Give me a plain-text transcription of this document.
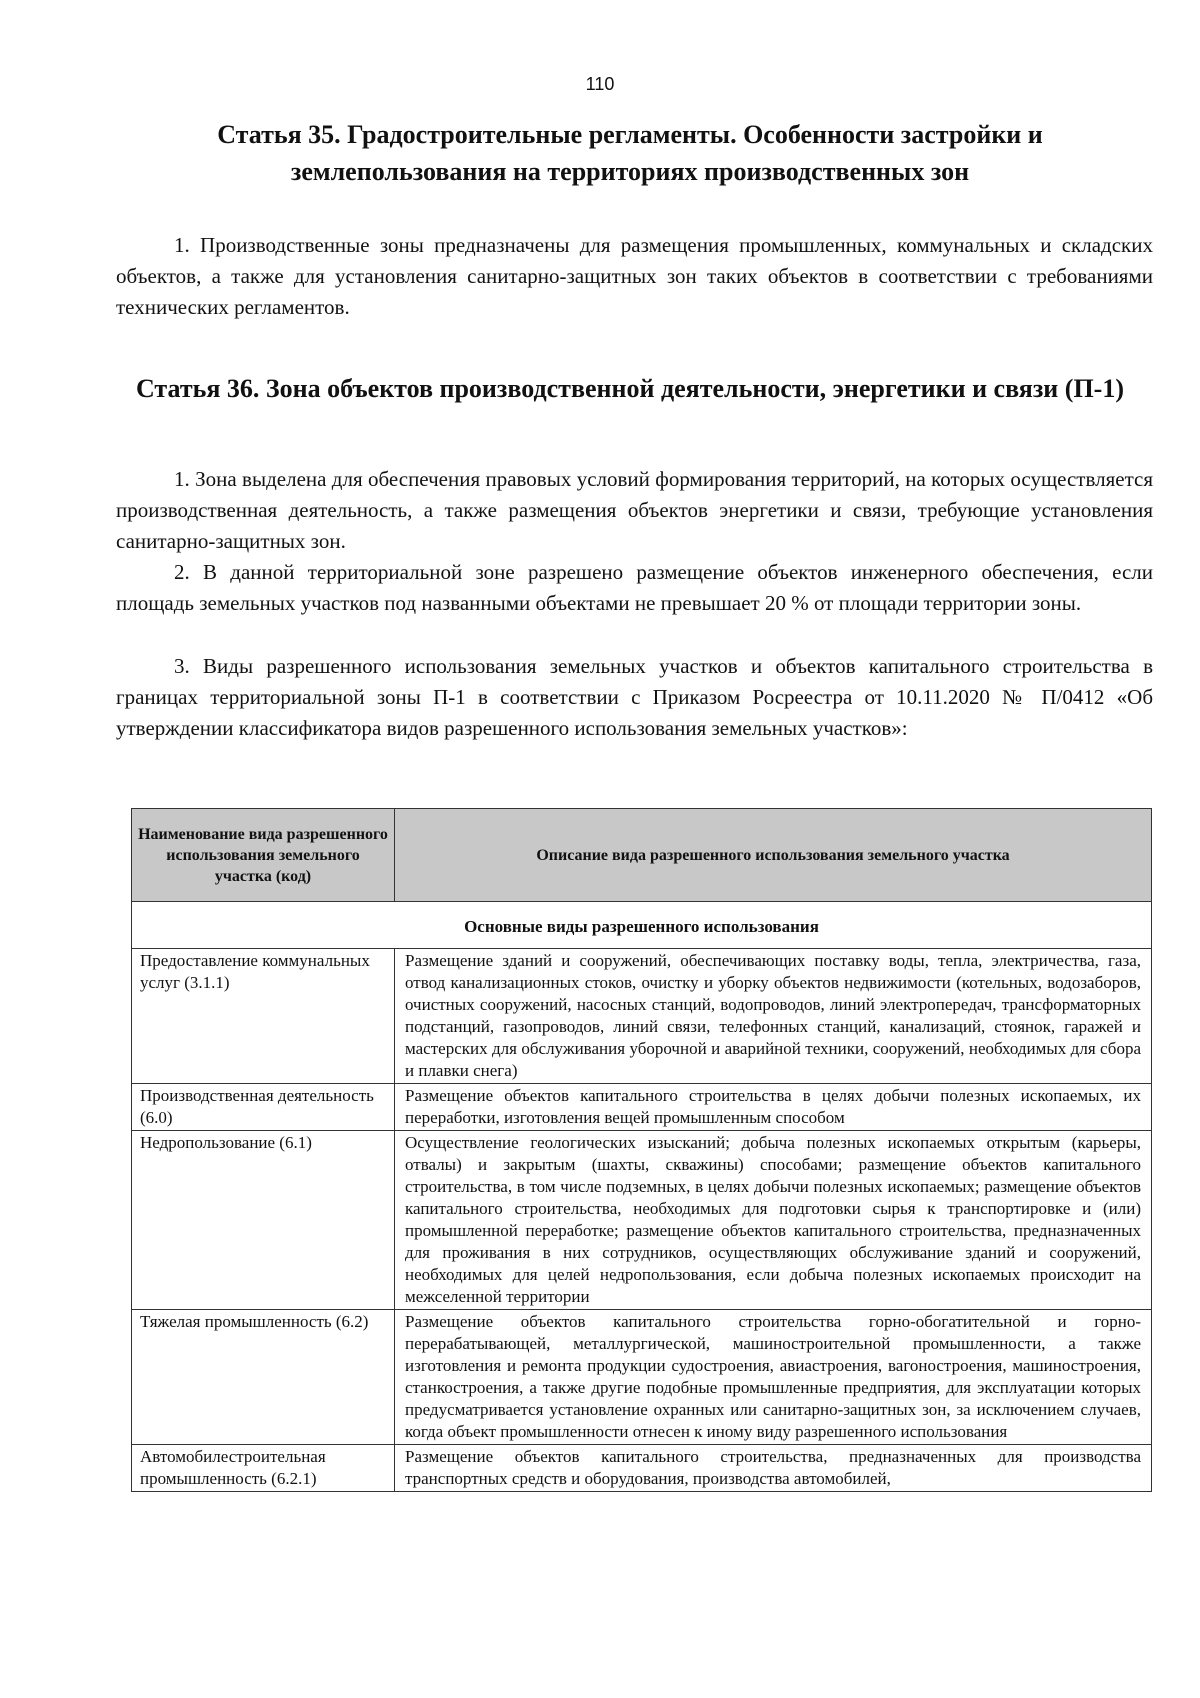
110
Статья 35. Градостроительные регламенты. Особенности застройки и землепользования на территориях производственных зон

1. Производственные зоны предназначены для размещения промышленных, коммунальных и складских объектов, а также для установления санитарно-защитных зон таких объектов в соответствии с требованиями технических регламентов.

Статья 36. Зона объектов производственной деятельности, энергетики и связи (П-1)

1. Зона выделена для обеспечения правовых условий формирования территорий, на которых осуществляется производственная деятельность, а также размещения объектов энергетики и связи, требующие установления санитарно-защитных зон.

2. В данной территориальной зоне разрешено размещение объектов инженерного обеспечения, если площадь земельных участков под названными объектами не превышает 20 % от площади территории зоны.

3. Виды разрешенного использования земельных участков и объектов капитального строительства в границах территориальной зоны П-1 в соответствии с Приказом Росреестра от 10.11.2020 № П/0412 «Об утверждении классификатора видов разрешенного использования земельных участков»:

Наименование вида разрешенного использования земельного участка (код)	Описание вида разрешенного использования земельного участка
Основные виды разрешенного использования	
Предоставление коммунальных услуг (3.1.1)	Размещение зданий и сооружений, обеспечивающих поставку воды, тепла, электричества, газа, отвод канализационных стоков, очистку и уборку объектов недвижимости (котельных, водозаборов, очистных сооружений, насосных станций, водопроводов, линий электропередач, трансформаторных подстанций, газопроводов, линий связи, телефонных станций, канализаций, стоянок, гаражей и мастерских для обслуживания уборочной и аварийной техники, сооружений, необходимых для сбора и плавки снега)
Производственная деятельность (6.0)	Размещение объектов капитального строительства в целях добычи полезных ископаемых, их переработки, изготовления вещей промышленным способом
Недропользование (6.1)	Осуществление геологических изысканий; добыча полезных ископаемых открытым (карьеры, отвалы) и закрытым (шахты, скважины) способами; размещение объектов капитального строительства, в том числе подземных, в целях добычи полезных ископаемых; размещение объектов капитального строительства, необходимых для подготовки сырья к транспортировке и (или) промышленной переработке; размещение объектов капитального строительства, предназначенных для проживания в них сотрудников, осуществляющих обслуживание зданий и сооружений, необходимых для целей недропользования, если добыча полезных ископаемых происходит на межселенной территории
Тяжелая промышленность (6.2)	Размещение объектов капитального строительства горно-обогатительной и горно-перерабатывающей, металлургической, машиностроительной промышленности, а также изготовления и ремонта продукции судостроения, авиастроения, вагоностроения, машиностроения, станкостроения, а также другие подобные промышленные предприятия, для эксплуатации которых предусматривается установление охранных или санитарно-защитных зон, за исключением случаев, когда объект промышленности отнесен к иному виду разрешенного использования
Автомобилестроительная промышленность (6.2.1)	Размещение объектов капитального строительства, предназначенных для производства транспортных средств и оборудования, производства автомобилей,
